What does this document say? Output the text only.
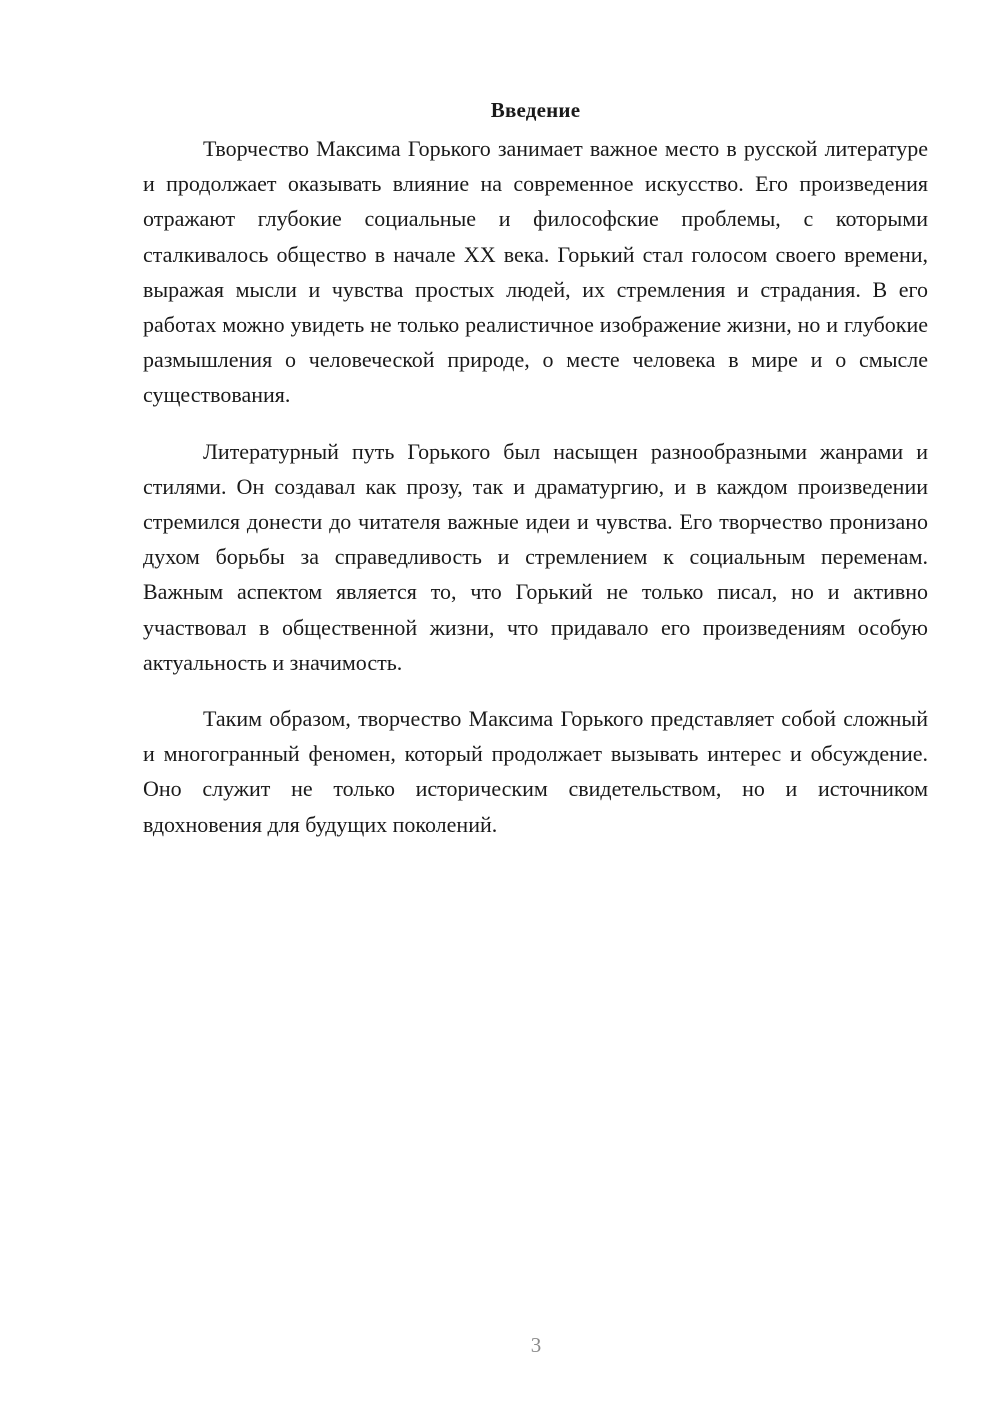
Введение

Творчество Максима Горького занимает важное место в русской литературе и продолжает оказывать влияние на современное искусство. Его произведения отражают глубокие социальные и философские проблемы, с которыми сталкивалось общество в начале XX века. Горький стал голосом своего времени, выражая мысли и чувства простых людей, их стремления и страдания. В его работах можно увидеть не только реалистичное изображение жизни, но и глубокие размышления о человеческой природе, о месте человека в мире и о смысле существования.

Литературный путь Горького был насыщен разнообразными жанрами и стилями. Он создавал как прозу, так и драматургию, и в каждом произведении стремился донести до читателя важные идеи и чувства. Его творчество пронизано духом борьбы за справедливость и стремлением к социальным переменам. Важным аспектом является то, что Горький не только писал, но и активно участвовал в общественной жизни, что придавало его произведениям особую актуальность и значимость.

Таким образом, творчество Максима Горького представляет собой сложный и многогранный феномен, который продолжает вызывать интерес и обсуждение. Оно служит не только историческим свидетельством, но и источником вдохновения для будущих поколений.

3
